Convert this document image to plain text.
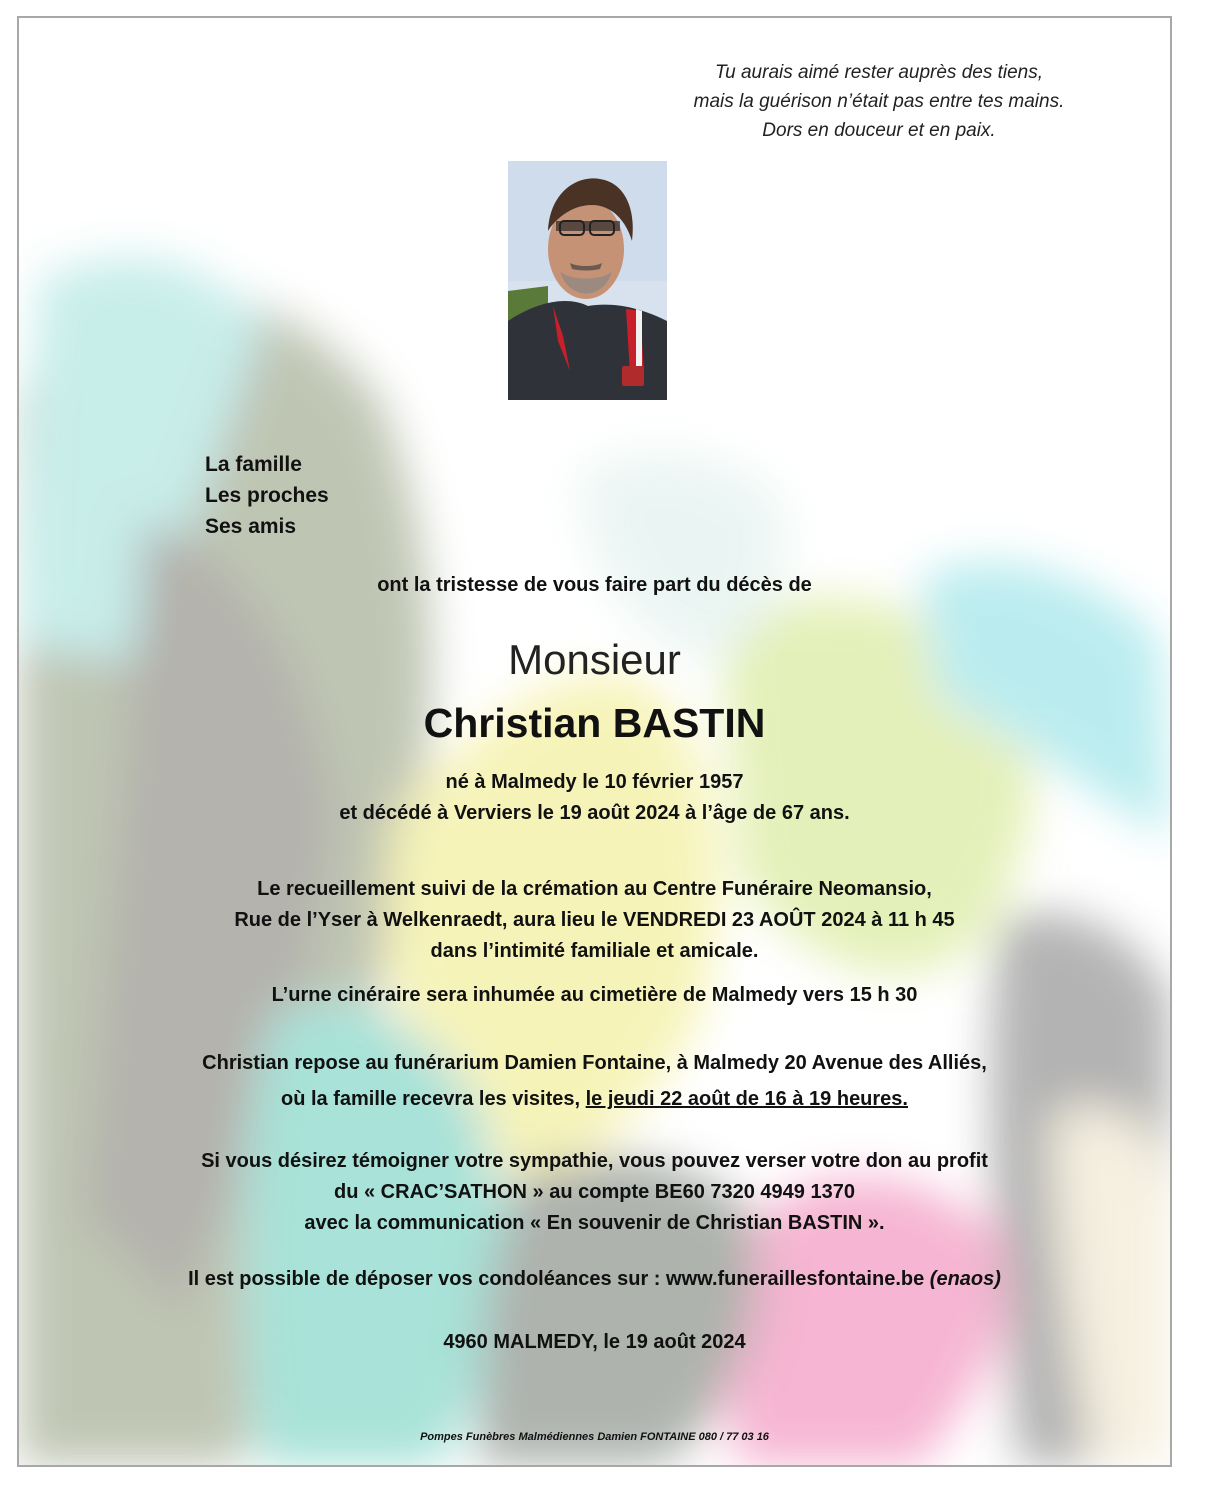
Tu aurais aimé rester auprès des tiens,
mais la guérison n’était pas entre tes mains.
Dors en douceur et en paix.
La famille
Les proches
Ses amis
ont la tristesse de vous faire part du décès de
Monsieur
Christian BASTIN
né à Malmedy le 10 février 1957
et décédé à Verviers le 19 août 2024 à l’âge de 67 ans.
Le recueillement suivi de la crémation au Centre Funéraire Neomansio,
Rue de l’Yser à Welkenraedt, aura lieu le VENDREDI 23 AOÛT 2024 à 11 h 45
dans l’intimité familiale et amicale.
L’urne cinéraire sera inhumée au cimetière de Malmedy vers 15 h 30
Christian repose au funérarium Damien Fontaine, à Malmedy 20 Avenue des Alliés,
où la famille recevra les visites, le jeudi 22 août de 16 à 19 heures.
Si vous désirez témoigner votre sympathie, vous pouvez verser votre don au profit
du « CRAC’SATHON » au compte BE60 7320 4949 1370
avec la communication « En souvenir de Christian BASTIN ».
Il est possible de déposer vos condoléances sur : www.funeraillesfontaine.be (enaos)
4960 MALMEDY, le 19 août 2024
Pompes Funèbres Malmédiennes Damien FONTAINE 080 / 77 03 16
